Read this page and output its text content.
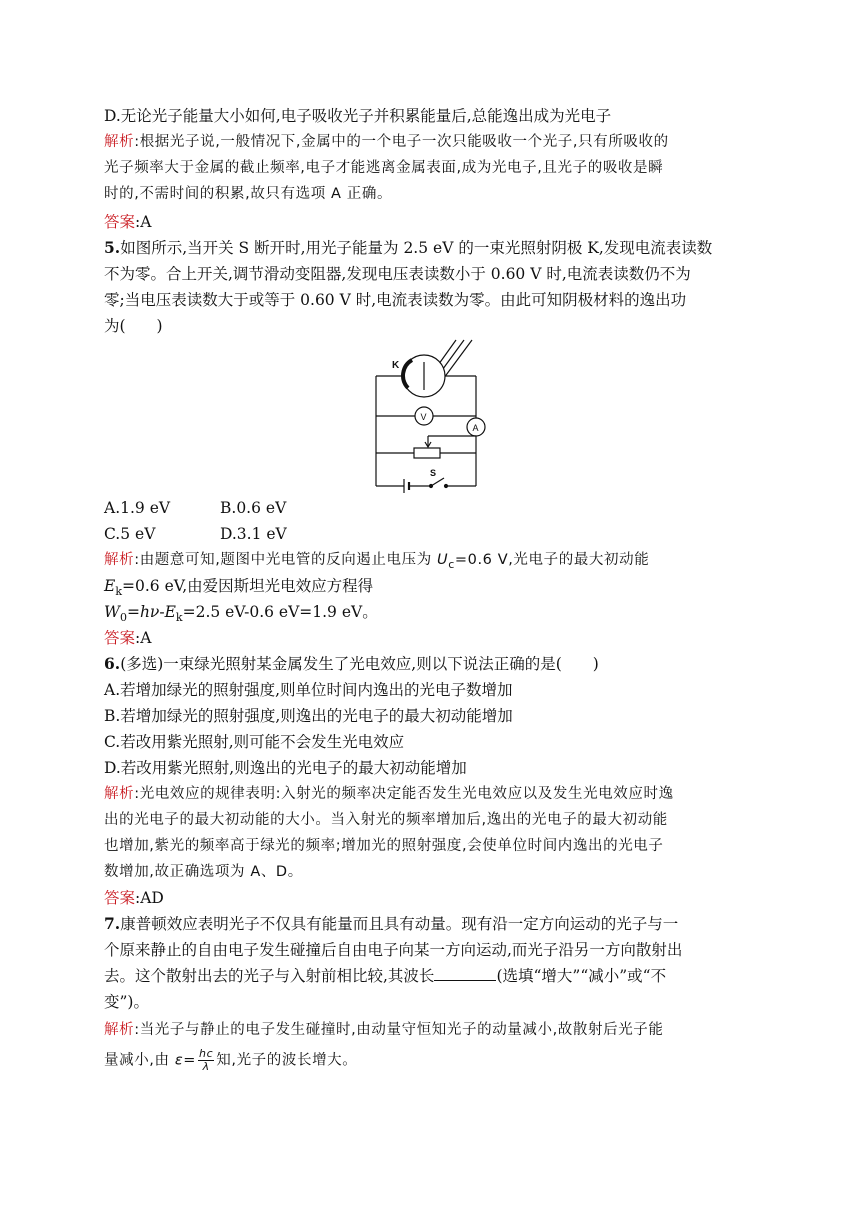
D.无论光子能量大小如何,电子吸收光子并积累能量后,总能逸出成为光电子
解析:根据光子说,一般情况下,金属中的一个电子一次只能吸收一个光子,只有所吸收的
光子频率大于金属的截止频率,电子才能逃离金属表面,成为光电子,且光子的吸收是瞬
时的,不需时间的积累,故只有选项 A 正确。
答案:A
5.如图所示,当开关 S 断开时,用光子能量为 2.5 eV 的一束光照射阴极 K,发现电流表读数
不为零。合上开关,调节滑动变阻器,发现电压表读数小于 0.60 V 时,电流表读数仍不为
零;当电压表读数大于或等于 0.60 V 时,电流表读数为零。由此可知阴极材料的逸出功
为(　　)
A.1.9 eV	B.0.6 eV
C.5 eV	D.3.1 eV
解析:由题意可知,题图中光电管的反向遏止电压为 $U_c=0.6$ V,光电子的最大初动能
$E_k=0.6$ eV,由爱因斯坦光电效应方程得
$W_0=h\nu-E_k=2.5$ eV-0.6 eV=1.9 eV。
答案:A
6.(多选)一束绿光照射某金属发生了光电效应,则以下说法正确的是(　　)
A.若增加绿光的照射强度,则单位时间内逸出的光电子数增加
B.若增加绿光的照射强度,则逸出的光电子的最大初动能增加
C.若改用紫光照射,则可能不会发生光电效应
D.若改用紫光照射,则逸出的光电子的最大初动能增加
解析:光电效应的规律表明:入射光的频率决定能否发生光电效应以及发生光电效应时逸
出的光电子的最大初动能的大小。当入射光的频率增加后,逸出的光电子的最大初动能
也增加,紫光的频率高于绿光的频率;增加光的照射强度,会使单位时间内逸出的光电子
数增加,故正确选项为 A、D。
答案:AD
7.康普顿效应表明光子不仅具有能量而且具有动量。现有沿一定方向运动的光子与一
个原来静止的自由电子发生碰撞后自由电子向某一方向运动,而光子沿另一方向散射出
去。这个散射出去的光子与入射前相比较,其波长	(选填“增大”“减小”或“不
变”)。
解析:当光子与静止的电子发生碰撞时,由动量守恒知光子的动量减小,故散射后光子能
量减小,由 $\varepsilon= \frac{hc}{\lambda}$ 知,光子的波长增大。
K
V
A
S
